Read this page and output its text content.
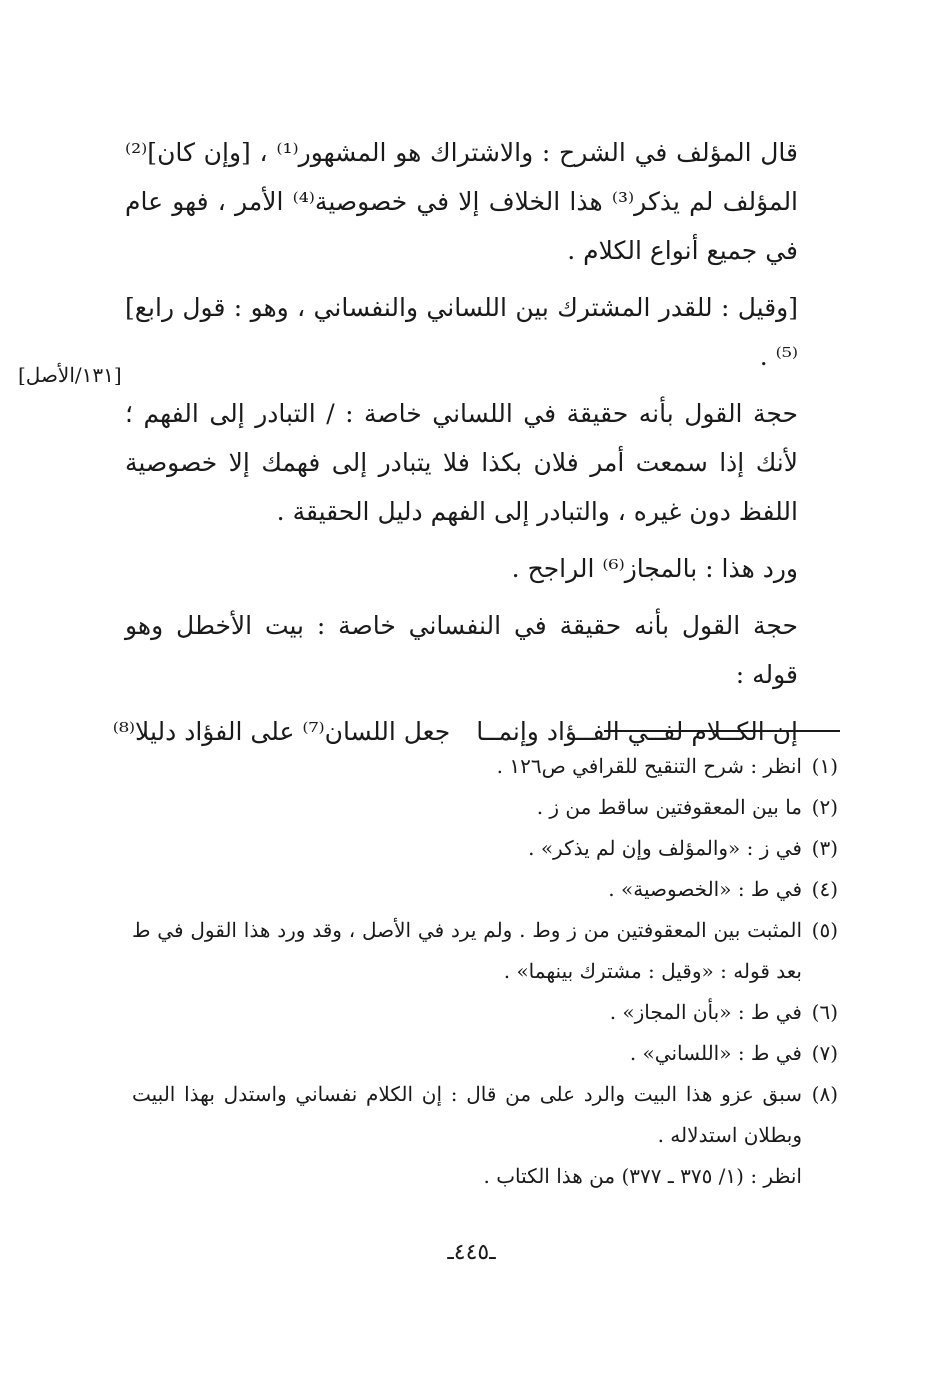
قال المؤلف في الشرح : والاشتراك هو المشهور⁽¹⁾ ، [وإن كان]⁽²⁾ المؤلف لم يذكر⁽³⁾ هذا الخلاف إلا في خصوصية⁽⁴⁾ الأمر ، فهو عام في جميع أنواع الكلام .

[وقيل : للقدر المشترك بين اللساني والنفساني ، وهو : قول رابع]⁽⁵⁾ .

حجة القول بأنه حقيقة في اللساني خاصة : / التبادر إلى الفهم ؛ لأنك إذا سمعت أمر فلان بكذا فلا يتبادر إلى فهمك إلا خصوصية اللفظ دون غيره ، والتبادر إلى الفهم دليل الحقيقة .

ورد هذا : بالمجاز⁽⁶⁾ الراجح .

حجة القول بأنه حقيقة في النفساني خاصة : بيت الأخطل وهو قوله :

إن الكــلام لفــي الفــؤاد وإنمــا
جعل اللسان⁽⁷⁾ على الفؤاد دليلا⁽⁸⁾
[١٣١/الأصل]
(١)
انظر : شرح التنقيح للقرافي ص١٢٦ .
(٢)
ما بين المعقوفتين ساقط من ز .
(٣)
في ز : «والمؤلف وإن لم يذكر» .
(٤)
في ط : «الخصوصية» .
(٥)
المثبت بين المعقوفتين من ز وط . ولم يرد في الأصل ، وقد ورد هذا القول في ط بعد قوله : «وقيل : مشترك بينهما» .
(٦)
في ط : «بأن المجاز» .
(٧)
في ط : «اللساني» .
(٨)
سبق عزو هذا البيت والرد على من قال : إن الكلام نفساني واستدل بهذا البيت وبطلان استدلاله .
انظر : (١/ ٣٧٥ ـ ٣٧٧) من هذا الكتاب .
ـ٤٤٥ـ
